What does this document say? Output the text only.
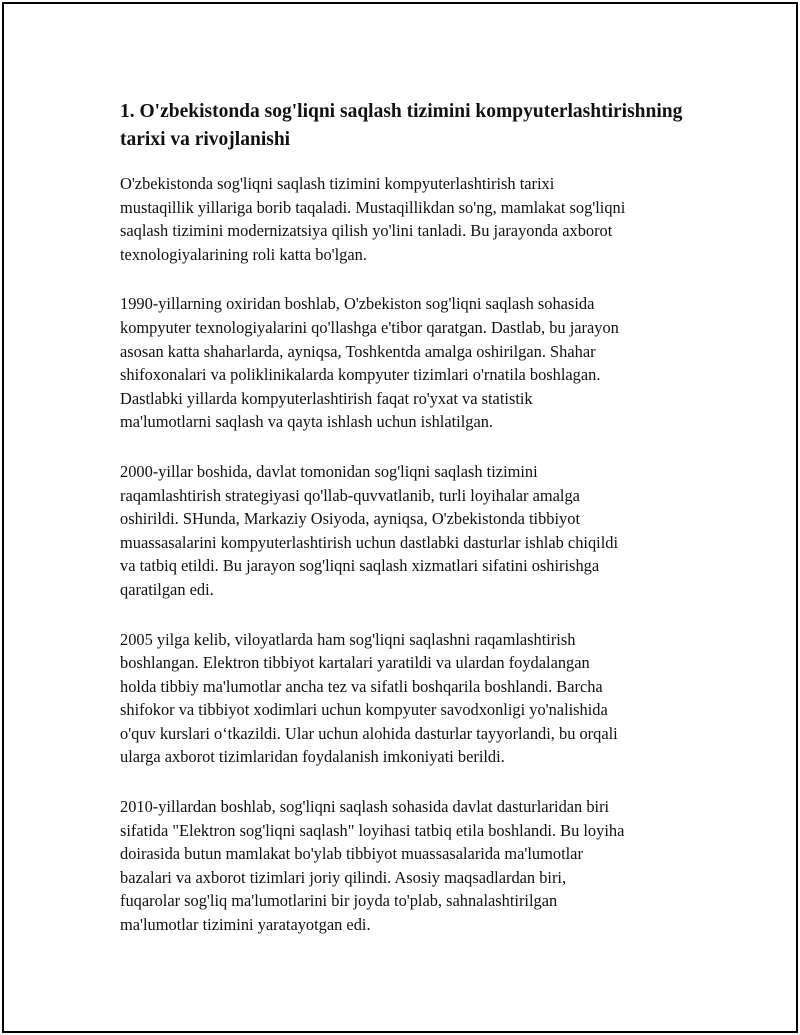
1. O'zbekistonda sog'liqni saqlash tizimini kompyuterlashtirishning tarixi va rivojlanishi

O'zbekistonda sog'liqni saqlash tizimini kompyuterlashtirish tarixi
mustaqillik yillariga borib taqaladi. Mustaqillikdan so'ng, mamlakat sog'liqni
saqlash tizimini modernizatsiya qilish yo'lini tanladi. Bu jarayonda axborot
texnologiyalarining roli katta bo'lgan.

1990-yillarning oxiridan boshlab, O'zbekiston sog'liqni saqlash sohasida
kompyuter texnologiyalarini qo'llashga e'tibor qaratgan. Dastlab, bu jarayon
asosan katta shaharlarda, ayniqsa, Toshkentda amalga oshirilgan. Shahar
shifoxonalari va poliklinikalarda kompyuter tizimlari o'rnatila boshlagan.
Dastlabki yillarda kompyuterlashtirish faqat ro'yxat va statistik
ma'lumotlarni saqlash va qayta ishlash uchun ishlatilgan.

2000-yillar boshida, davlat tomonidan sog'liqni saqlash tizimini
raqamlashtirish strategiyasi qo'llab-quvvatlanib, turli loyihalar amalga
oshirildi. SHunda, Markaziy Osiyoda, ayniqsa, O'zbekistonda tibbiyot
muassasalarini kompyuterlashtirish uchun dastlabki dasturlar ishlab chiqildi
va tatbiq etildi. Bu jarayon sog'liqni saqlash xizmatlari sifatini oshirishga
qaratilgan edi.

2005 yilga kelib, viloyatlarda ham sog'liqni saqlashni raqamlashtirish
boshlangan. Elektron tibbiyot kartalari yaratildi va ulardan foydalangan
holda tibbiy ma'lumotlar ancha tez va sifatli boshqarila boshlandi. Barcha
shifokor va tibbiyot xodimlari uchun kompyuter savodxonligi yo'nalishida
o'quv kurslari o‘tkazildi. Ular uchun alohida dasturlar tayyorlandi, bu orqali
ularga axborot tizimlaridan foydalanish imkoniyati berildi.

2010-yillardan boshlab, sog'liqni saqlash sohasida davlat dasturlaridan biri
sifatida "Elektron sog'liqni saqlash" loyihasi tatbiq etila boshlandi. Bu loyiha
doirasida butun mamlakat bo'ylab tibbiyot muassasalarida ma'lumotlar
bazalari va axborot tizimlari joriy qilindi. Asosiy maqsadlardan biri,
fuqarolar sog'liq ma'lumotlarini bir joyda to'plab, sahnalashtirilgan
ma'lumotlar tizimini yaratayotgan edi.
